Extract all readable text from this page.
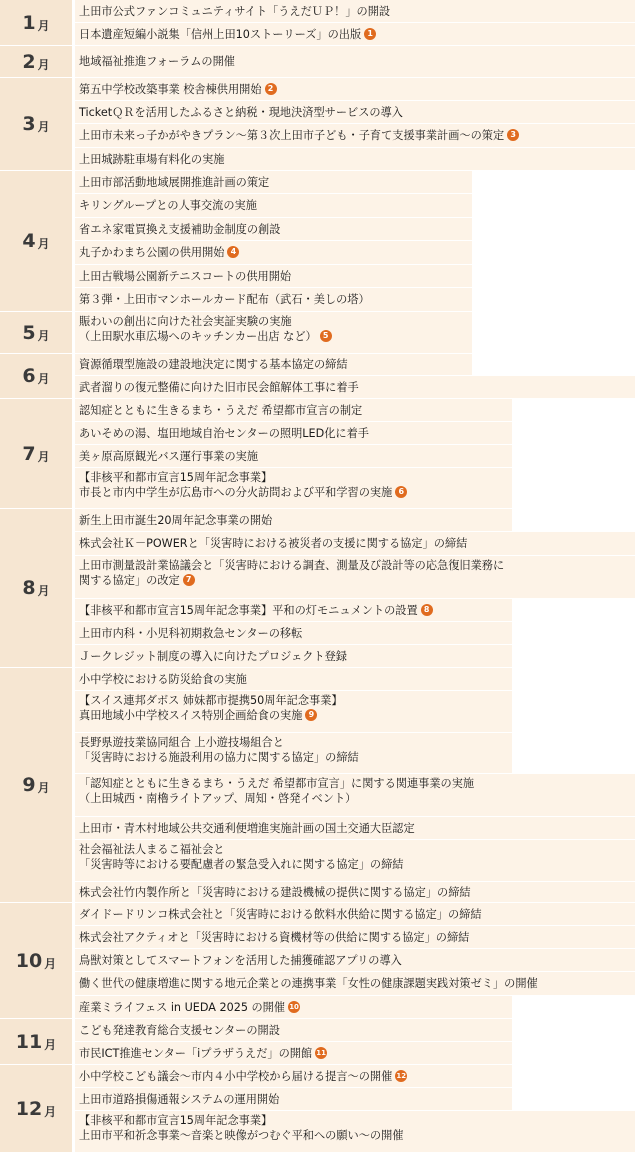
1 月
上田市公式ファンコミュニティサイト「うえだＵＰ！」の開設
日本遺産短編小説集「信州上田10ストーリーズ」の出版 1
2 月	地域福祉推進フォーラムの開催
3 月
第五中学校改築事業 校舎棟供用開始 2
TicketＱＲを活用したふるさと納税・現地決済型サービスの導入
上田市未来っ子かがやきプラン～第３次上田市子ども・子育て支援事業計画～の策定 3
上田城跡駐車場有料化の実施
4 月
上田市部活動地域展開推進計画の策定
キリングループとの人事交流の実施
省エネ家電買換え支援補助金制度の創設
丸子かわまち公園の供用開始 4
上田古戦場公園新テニスコートの供用開始
第３弾・上田市マンホールカード配布（武石・美しの塔）
5 月
賑わいの創出に向けた社会実証実験の実施
（上田駅水車広場へのキッチンカー出店 など） 5
6 月
資源循環型施設の建設地決定に関する基本協定の締結
武者溜りの復元整備に向けた旧市民会館解体工事に着手
7 月
認知症とともに生きるまち・うえだ 希望都市宣言の制定
あいそめの湯、塩田地域自治センターの照明LED化に着手
美ヶ原高原観光バス運行事業の実施
【非核平和都市宣言15周年記念事業】
市長と市内中学生が広島市への分火訪問および平和学習の実施 6
8 月
新生上田市誕生20周年記念事業の開始
株式会社Ｋ－POWERと「災害時における被災者の支援に関する協定」の締結
上田市測量設計業協議会と「災害時における調査、測量及び設計等の応急復旧業務に
関する協定」の改定 7
【非核平和都市宣言15周年記念事業】平和の灯モニュメントの設置 8
上田市内科・小児科初期救急センターの移転
Ｊークレジット制度の導入に向けたプロジェクト登録
9 月
小中学校における防災給食の実施
【スイス連邦ダボス 姉妹都市提携50周年記念事業】
真田地域小中学校スイス特別企画給食の実施 9
長野県遊技業協同組合 上小遊技場組合と
「災害時における施設利用の協力に関する協定」の締結
「認知症とともに生きるまち・うえだ 希望都市宣言」に関する関連事業の実施
（上田城西・南櫓ライトアップ、周知・啓発イベント）
上田市・青木村地域公共交通利便増進実施計画の国土交通大臣認定
社会福祉法人まるこ福祉会と
「災害時等における要配慮者の緊急受入れに関する協定」の締結
株式会社竹内製作所と「災害時における建設機械の提供に関する協定」の締結
10 月
ダイドードリンコ株式会社と「災害時における飲料水供給に関する協定」の締結
株式会社アクティオと「災害時における資機材等の供給に関する協定」の締結
鳥獣対策としてスマートフォンを活用した捕獲確認アプリの導入
働く世代の健康増進に関する地元企業との連携事業「女性の健康課題実践対策ゼミ」の開催
産業ミライフェス in UEDA 2025 の開催 10
11 月
こども発達教育総合支援センターの開設
市民ICT推進センター「iプラザうえだ」の開館 11
12 月
小中学校こども議会～市内４小中学校から届ける提言～の開催 12
上田市道路損傷通報システムの運用開始
【非核平和都市宣言15周年記念事業】
上田市平和祈念事業～音楽と映像がつむぐ平和への願い～の開催
